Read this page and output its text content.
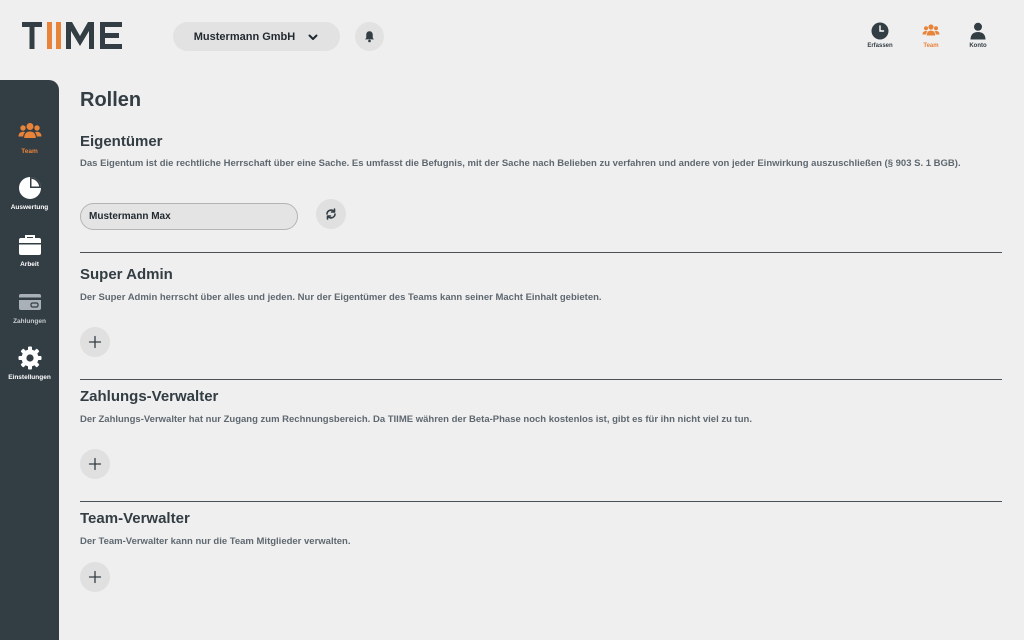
Mustermann GmbH
Erfassen	Team	Konto
Team
Auswertung
Arbeit
Zahlungen
Einstellungen
Rollen
Eigentümer

Das Eigentum ist die rechtliche Herrschaft über eine Sache. Es umfasst die Befugnis, mit der Sache nach Belieben zu verfahren und andere von jeder Einwirkung auszuschließen (§ 903 S. 1 BGB).

Mustermann Max
Super Admin

Der Super Admin herrscht über alles und jeden. Nur der Eigentümer des Teams kann seiner Macht Einhalt gebieten.

Zahlungs-Verwalter

Der Zahlungs-Verwalter hat nur Zugang zum Rechnungsbereich. Da TIIME währen der Beta-Phase noch kostenlos ist, gibt es für ihn nicht viel zu tun.

Team-Verwalter

Der Team-Verwalter kann nur die Team Mitglieder verwalten.
